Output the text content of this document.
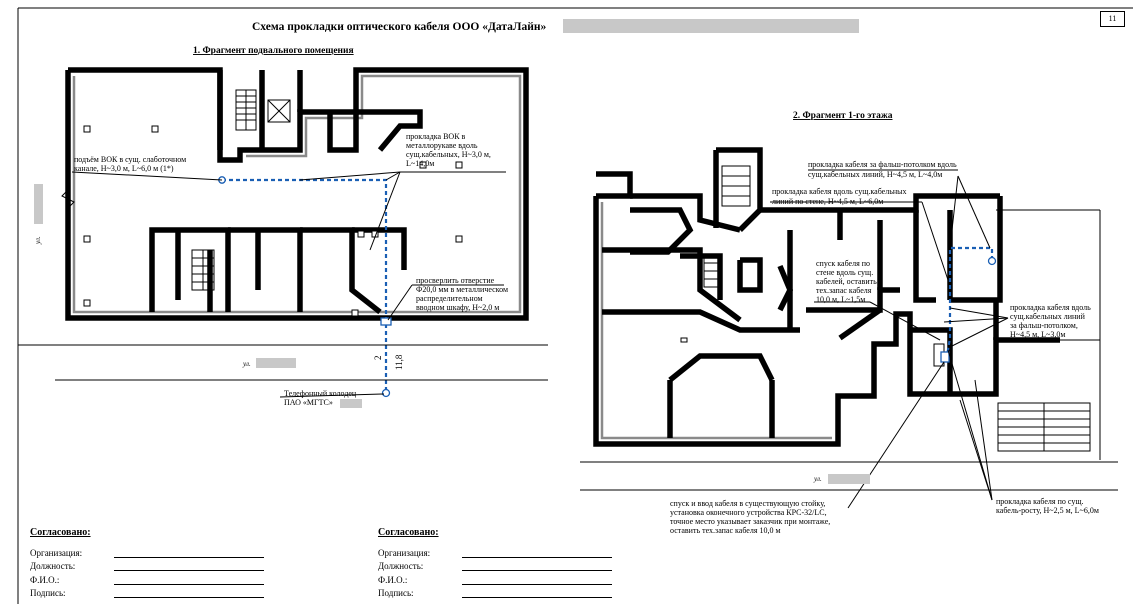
Схема прокладки оптического кабеля ООО «ДатаЛайн»
1. Фрагмент подвального помещения
подъём ВОК в сущ. слаботочном
канале, H~3,0 м, L~6,0 м (1*)
прокладка ВОК в
металлорукаве вдоль
сущ.кабельных, H~3,0 м,
L~14,0м
просверлить отверстие
Ф20,0 мм в металлическом
распределительном
вводном шкафу, H~2,0 м
Телефонный колодец
ПАО «МГТС»
ул.
ул.
2 11,8
2. Фрагмент 1-го этажа
прокладка кабеля за фальш-потолком вдоль
сущ.кабельных линий, H~4,5 м, L~4,0м
прокладка кабеля вдоль сущ.кабельных
линий по стене, H~4,5 м, L~6,0м
спуск кабеля по
стене вдоль сущ.
кабелей, оставить
тех.запас кабеля
10,0 м, L~1,5м
прокладка кабеля вдоль
сущ.кабельных линий
за фальш-потолком,
H~4,5 м, L~3,0м
спуск и ввод кабеля в существующую стойку,
установка оконечного устройства КРС-32/LC,
точное место указывает заказчик при монтаже,
оставить тех.запас кабеля 10,0 м
прокладка кабеля по сущ.
кабель-росту, H~2,5 м, L~6,0м
ул.
11
Согласовано:
Организация:
Должность:
Ф.И.О.:
Подпись:
Согласовано:
Организация:
Должность:
Ф.И.О.:
Подпись:
